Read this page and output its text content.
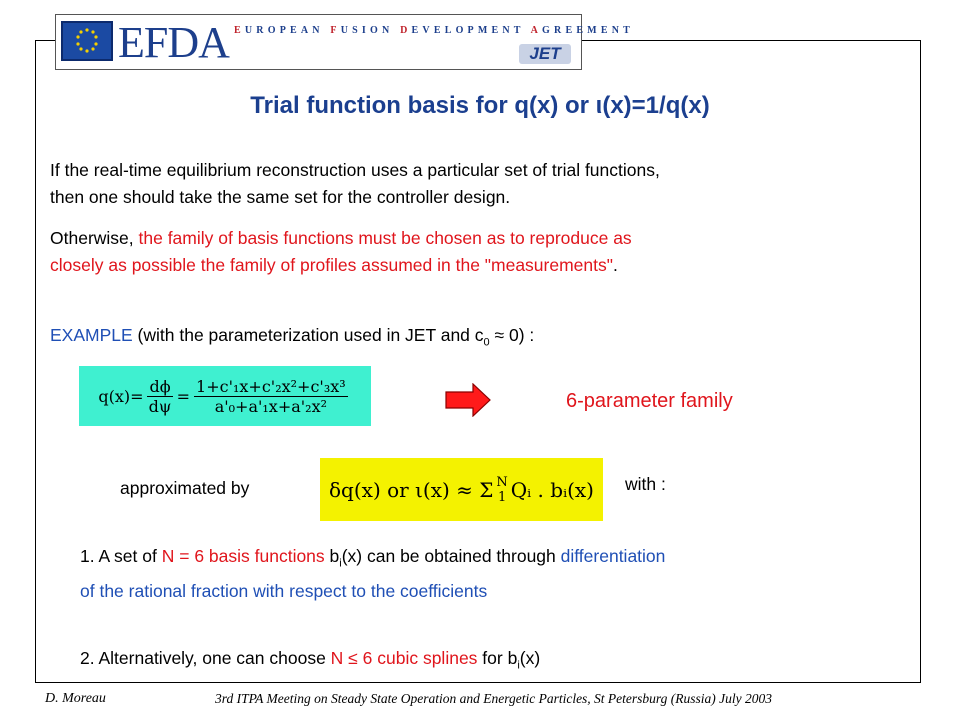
EFDA EUROPEAN FUSION DEVELOPMENT AGREEMENT
JET
Trial function basis for q(x) or ι(x)=1/q(x)
If the real-time equilibrium reconstruction uses a particular set of trial functions,
then one should take the same set for the controller design.
Otherwise, the family of basis functions must be chosen as to reproduce as
closely as possible the family of profiles assumed in the "measurements".
EXAMPLE (with the parameterization used in JET and $c_0 \approx 0$) :
$q(x)= \frac{d\phi}{d\psi} = \frac{\text{1+c'₁x+c'₂x²+c'₃x³}}{\text{a'₀+a'₁x+a'₂x²}}$	6-parameter family
approximated by	δq(x) or ι(x) ≈ Σ N
1 Qᵢ . bᵢ(x) with :
1. A set of N = 6 basis functions $b_i(x)$ can be obtained through differentiation
of the rational fraction with respect to the coefficients
2. Alternatively, one can choose N ≤ 6 cubic splines for $b_i(x)$
D. Moreau	3rd ITPA Meeting on Steady State Operation and Energetic Particles, St Petersburg (Russia) July 2003
